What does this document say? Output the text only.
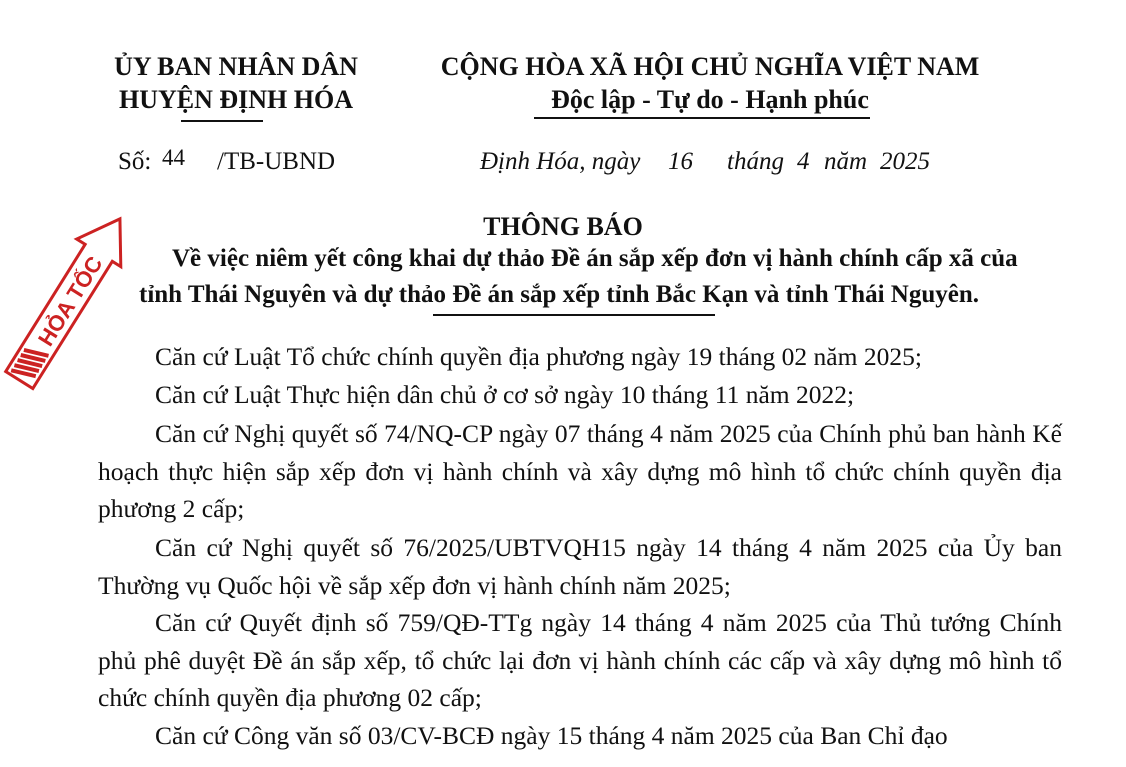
ỦY BAN NHÂN DÂN
HUYỆN ĐỊNH HÓA
CỘNG HÒA XÃ HỘI CHỦ NGHĨA VIỆT NAM
Độc lập - Tự do - Hạnh phúc
Số: 44 /TB-UBND	Định Hóa, ngày 16 tháng 4 năm 2025
HỎA TỐC
THÔNG BÁO
Về việc niêm yết công khai dự thảo Đề án sắp xếp đơn vị hành chính cấp xã của
tỉnh Thái Nguyên và dự thảo Đề án sắp xếp tỉnh Bắc Kạn và tỉnh Thái Nguyên.

Căn cứ Luật Tổ chức chính quyền địa phương ngày 19 tháng 02 năm 2025;

Căn cứ Luật Thực hiện dân chủ ở cơ sở ngày 10 tháng 11 năm 2022;

Căn cứ Nghị quyết số 74/NQ-CP ngày 07 tháng 4 năm 2025 của Chính phủ ban hành Kế hoạch thực hiện sắp xếp đơn vị hành chính và xây dựng mô hình tổ chức chính quyền địa phương 2 cấp;

Căn cứ Nghị quyết số 76/2025/UBTVQH15 ngày 14 tháng 4 năm 2025 của Ủy ban Thường vụ Quốc hội về sắp xếp đơn vị hành chính năm 2025;

Căn cứ Quyết định số 759/QĐ-TTg ngày 14 tháng 4 năm 2025 của Thủ tướng Chính phủ phê duyệt Đề án sắp xếp, tổ chức lại đơn vị hành chính các cấp và xây dựng mô hình tổ chức chính quyền địa phương 02 cấp;

Căn cứ Công văn số 03/CV-BCĐ ngày 15 tháng 4 năm 2025 của Ban Chỉ đạo
